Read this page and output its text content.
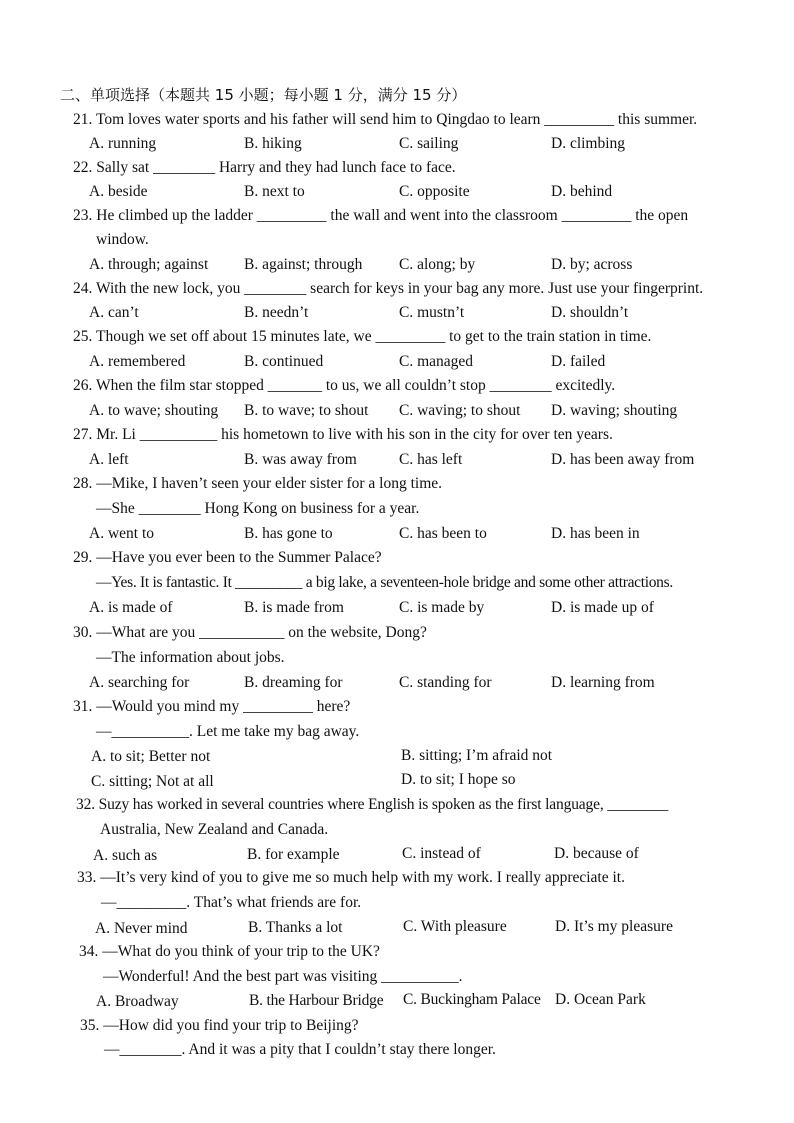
二、单项选择（本题共 15 小题；每小题 1 分，满分 15 分）
21. Tom loves water sports and his father will send him to Qingdao to learn _________ this summer.
A. running	B. hiking	C. sailing	D. climbing
22. Sally sat ________ Harry and they had lunch face to face.
A. beside	B. next to	C. opposite	D. behind
23. He climbed up the ladder _________ the wall and went into the classroom _________ the open
window.
A. through; against B. against; through C. along; by	D. by; across
24. With the new lock, you ________ search for keys in your bag any more. Just use your fingerprint.
A. can’t	B. needn’t	C. mustn’t	D. shouldn’t
25. Though we set off about 15 minutes late, we _________ to get to the train station in time.
A. remembered	B. continued	C. managed	D. failed
26. When the film star stopped _______ to us, we all couldn’t stop ________ excitedly.
A. to wave; shouting B. to wave; to shout C. waving; to shout D. waving; shouting
27. Mr. Li __________ his hometown to live with his son in the city for over ten years.
A. left	B. was away from	C. has left	D. has been away from
28. —Mike, I haven’t seen your elder sister for a long time.
—She ________ Hong Kong on business for a year.
A. went to	B. has gone to	C. has been to	D. has been in
29. —Have you ever been to the Summer Palace?
—Yes. It is fantastic. It _________ a big lake, a seventeen-hole bridge and some other attractions.
A. is made of	B. is made from	C. is made by	D. is made up of
30. —What are you ___________ on the website, Dong?
—The information about jobs.
A. searching for	B. dreaming for	C. standing for	D. learning from
31. —Would you mind my _________ here?
—__________. Let me take my bag away.
A. to sit; Better not	B. sitting; I’m afraid not
C. sitting; Not at all	D. to sit; I hope so
32. Suzy has worked in several countries where English is spoken as the first language, ________
Australia, New Zealand and Canada.
A. such as	B. for example	C. instead of	D. because of
33. —It’s very kind of you to give me so much help with my work. I really appreciate it.
—_________. That’s what friends are for.
A. Never mind	B. Thanks a lot	C. With pleasure	D. It’s my pleasure
34. —What do you think of your trip to the UK?
—Wonderful! And the best part was visiting __________.
A. Broadway	B. the Harbour Bridge C. Buckingham Palace D. Ocean Park
35. —How did you find your trip to Beijing?
—________. And it was a pity that I couldn’t stay there longer.
